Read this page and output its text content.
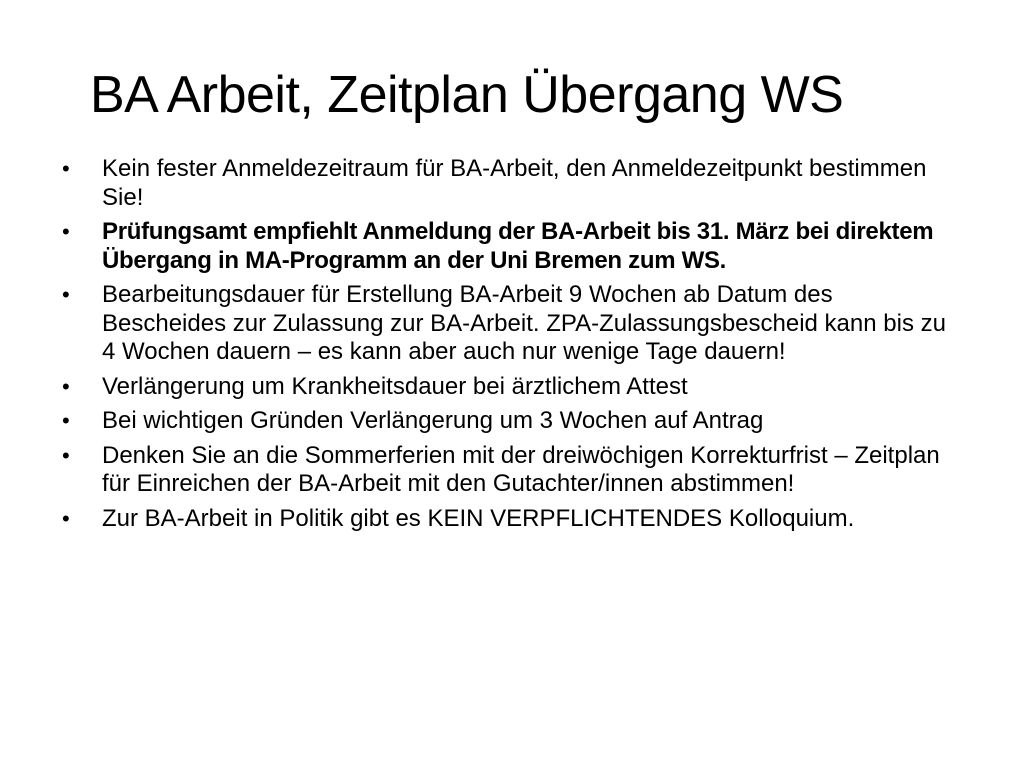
BA Arbeit, Zeitplan Übergang WS
•	Kein fester Anmeldezeitraum für BA-Arbeit, den Anmeldezeitpunkt bestimmen Sie!
•	Prüfungsamt empfiehlt Anmeldung der BA-Arbeit bis 31. März bei direktem Übergang in MA-Programm an der Uni Bremen zum WS.
•	Bearbeitungsdauer für Erstellung BA-Arbeit 9 Wochen ab Datum des Bescheides zur Zulassung zur BA-Arbeit. ZPA-Zulassungsbescheid kann bis zu 4 Wochen dauern – es kann aber auch nur wenige Tage dauern!
•	Verlängerung um Krankheitsdauer bei ärztlichem Attest
•	Bei wichtigen Gründen Verlängerung um 3 Wochen auf Antrag
•	Denken Sie an die Sommerferien mit der dreiwöchigen Korrekturfrist – Zeitplan für Einreichen der BA-Arbeit mit den Gutachter/innen abstimmen!
•	Zur BA-Arbeit in Politik gibt es KEIN VERPFLICHTENDES Kolloquium.
